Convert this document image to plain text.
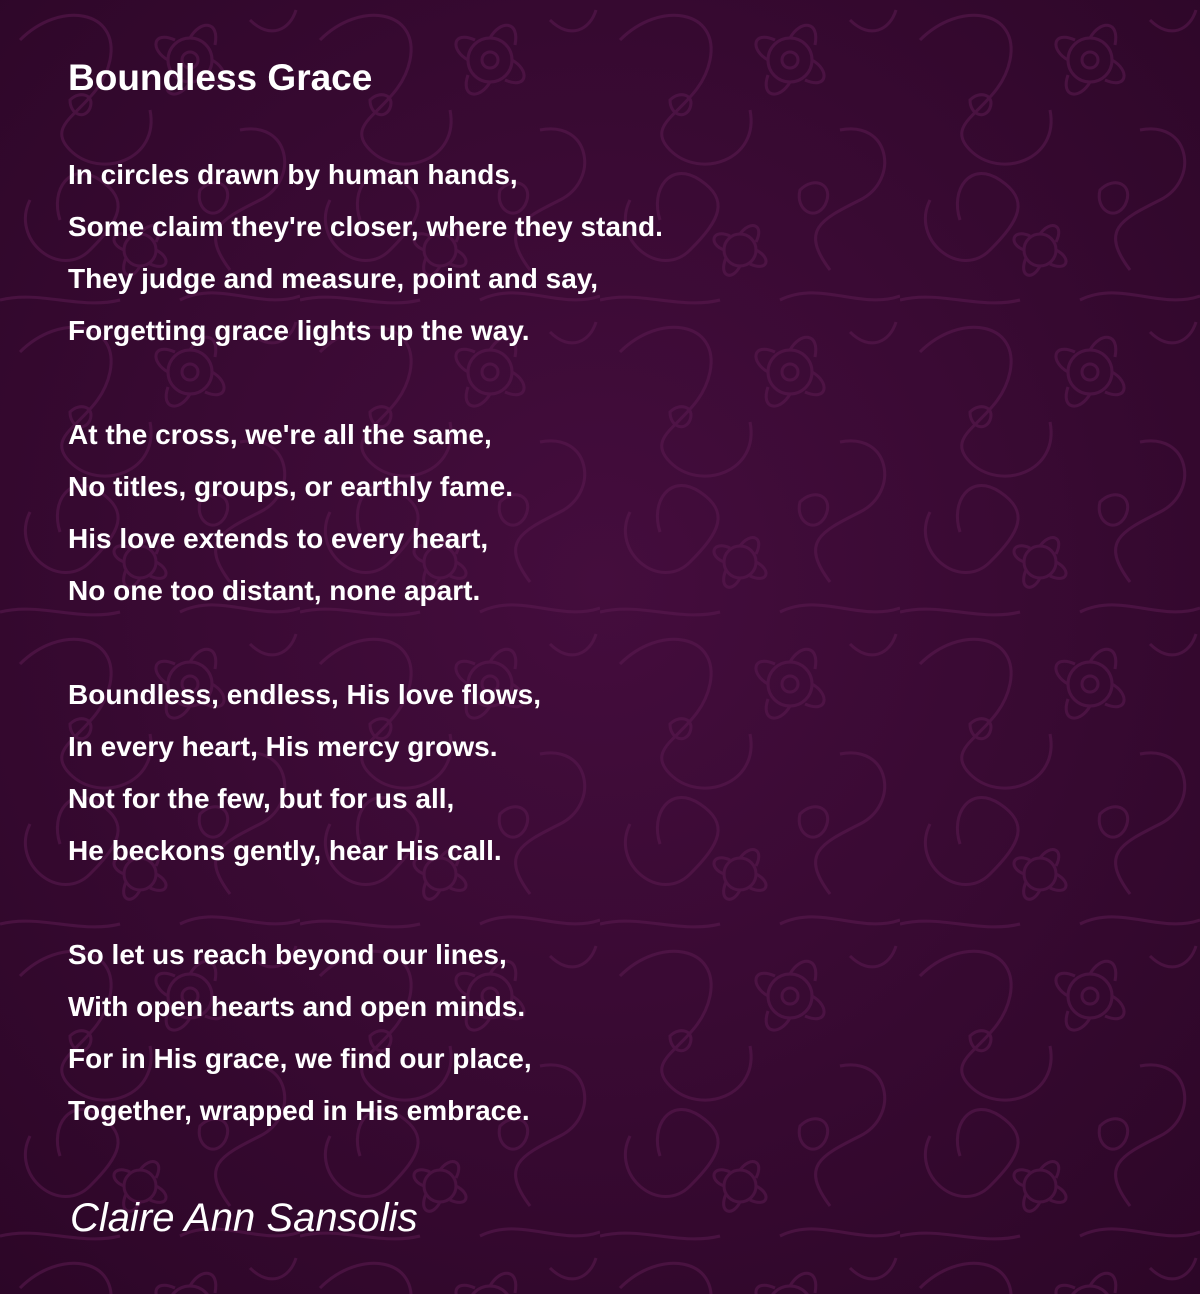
Boundless Grace
In circles drawn by human hands,
Some claim they're closer, where they stand.
They judge and measure, point and say,
Forgetting grace lights up the way.
At the cross, we're all the same,
No titles, groups, or earthly fame.
His love extends to every heart,
No one too distant, none apart.
Boundless, endless, His love flows,
In every heart, His mercy grows.
Not for the few, but for us all,
He beckons gently, hear His call.
So let us reach beyond our lines,
With open hearts and open minds.
For in His grace, we find our place,
Together, wrapped in His embrace.
Claire Ann Sansolis
